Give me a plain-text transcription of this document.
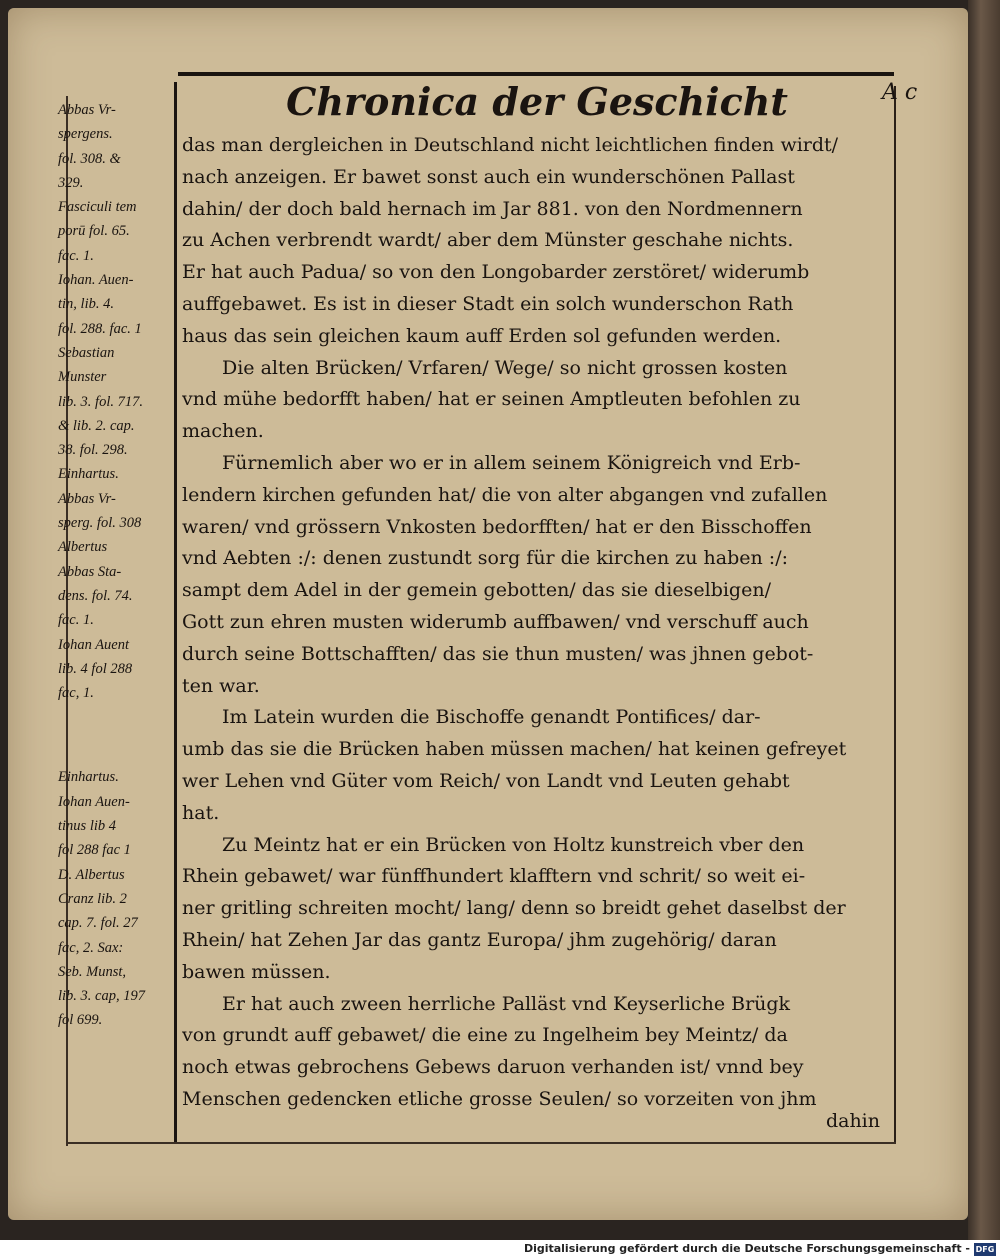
Chronica der Geschicht	A c
Abbas Vr-
spergens.
fol. 308. &
329.
Fasciculi tem
porū fol. 65.
fac. 1.
Iohan. Auen-
tin, lib. 4.
fol. 288. fac. 1
Sebastian
Munster
lib. 3. fol. 717.
& lib. 2. cap.
38. fol. 298.
Einhartus.
Abbas Vr-
sperg. fol. 308
Albertus
Abbas Sta-
dens. fol. 74.
fac. 1.
Iohan Auent
lib. 4 fol 288
fac, 1.
Einhartus.
Iohan Auen-
tinus lib 4
fol 288 fac 1
D. Albertus
Cranz lib. 2
cap. 7. fol. 27
fac, 2. Sax:
Seb. Munst,
lib. 3. cap, 197
fol 699.
das man dergleichen in Deutschland nicht leichtlichen finden wirdt/
nach anzeigen. Er bawet sonst auch ein wunderschönen Pallast
dahin/ der doch bald hernach im Jar 881. von den Nordmennern
zu Achen verbrendt wardt/ aber dem Münster geschahe nichts.
Er hat auch Padua/ so von den Longobarder zerstöret/ widerumb
auffgebawet. Es ist in dieser Stadt ein solch wunderschon Rath
haus das sein gleichen kaum auff Erden sol gefunden werden.
Die alten Brücken/ Vrfaren/ Wege/ so nicht grossen kosten
vnd mühe bedorfft haben/ hat er seinen Amptleuten befohlen zu
machen.
Fürnemlich aber wo er in allem seinem Königreich vnd Erb-
lendern kirchen gefunden hat/ die von alter abgangen vnd zufallen
waren/ vnd grössern Vnkosten bedorfften/ hat er den Bisschoffen
vnd Aebten :/: denen zustundt sorg für die kirchen zu haben :/:
sampt dem Adel in der gemein gebotten/ das sie dieselbigen/
Gott zun ehren musten widerumb auffbawen/ vnd verschuff auch
durch seine Bottschafften/ das sie thun musten/ was jhnen gebot-
ten war.
Im Latein wurden die Bischoffe genandt Pontifices/ dar-
umb das sie die Brücken haben müssen machen/ hat keinen gefreyet
wer Lehen vnd Güter vom Reich/ von Landt vnd Leuten gehabt
hat.
Zu Meintz hat er ein Brücken von Holtz kunstreich vber den
Rhein gebawet/ war fünffhundert klafftern vnd schrit/ so weit ei-
ner gritling schreiten mocht/ lang/ denn so breidt gehet daselbst der
Rhein/ hat Zehen Jar das gantz Europa/ jhm zugehörig/ daran
bawen müssen.
Er hat auch zween herrliche Palläst vnd Keyserliche Brügk
von grundt auff gebawet/ die eine zu Ingelheim bey Meintz/ da
noch etwas gebrochens Gebews daruon verhanden ist/ vnnd bey
Menschen gedencken etliche grosse Seulen/ so vorzeiten von jhm
dahin
Digitalisierung gefördert durch die Deutsche Forschungsgemeinschaft - DFG
